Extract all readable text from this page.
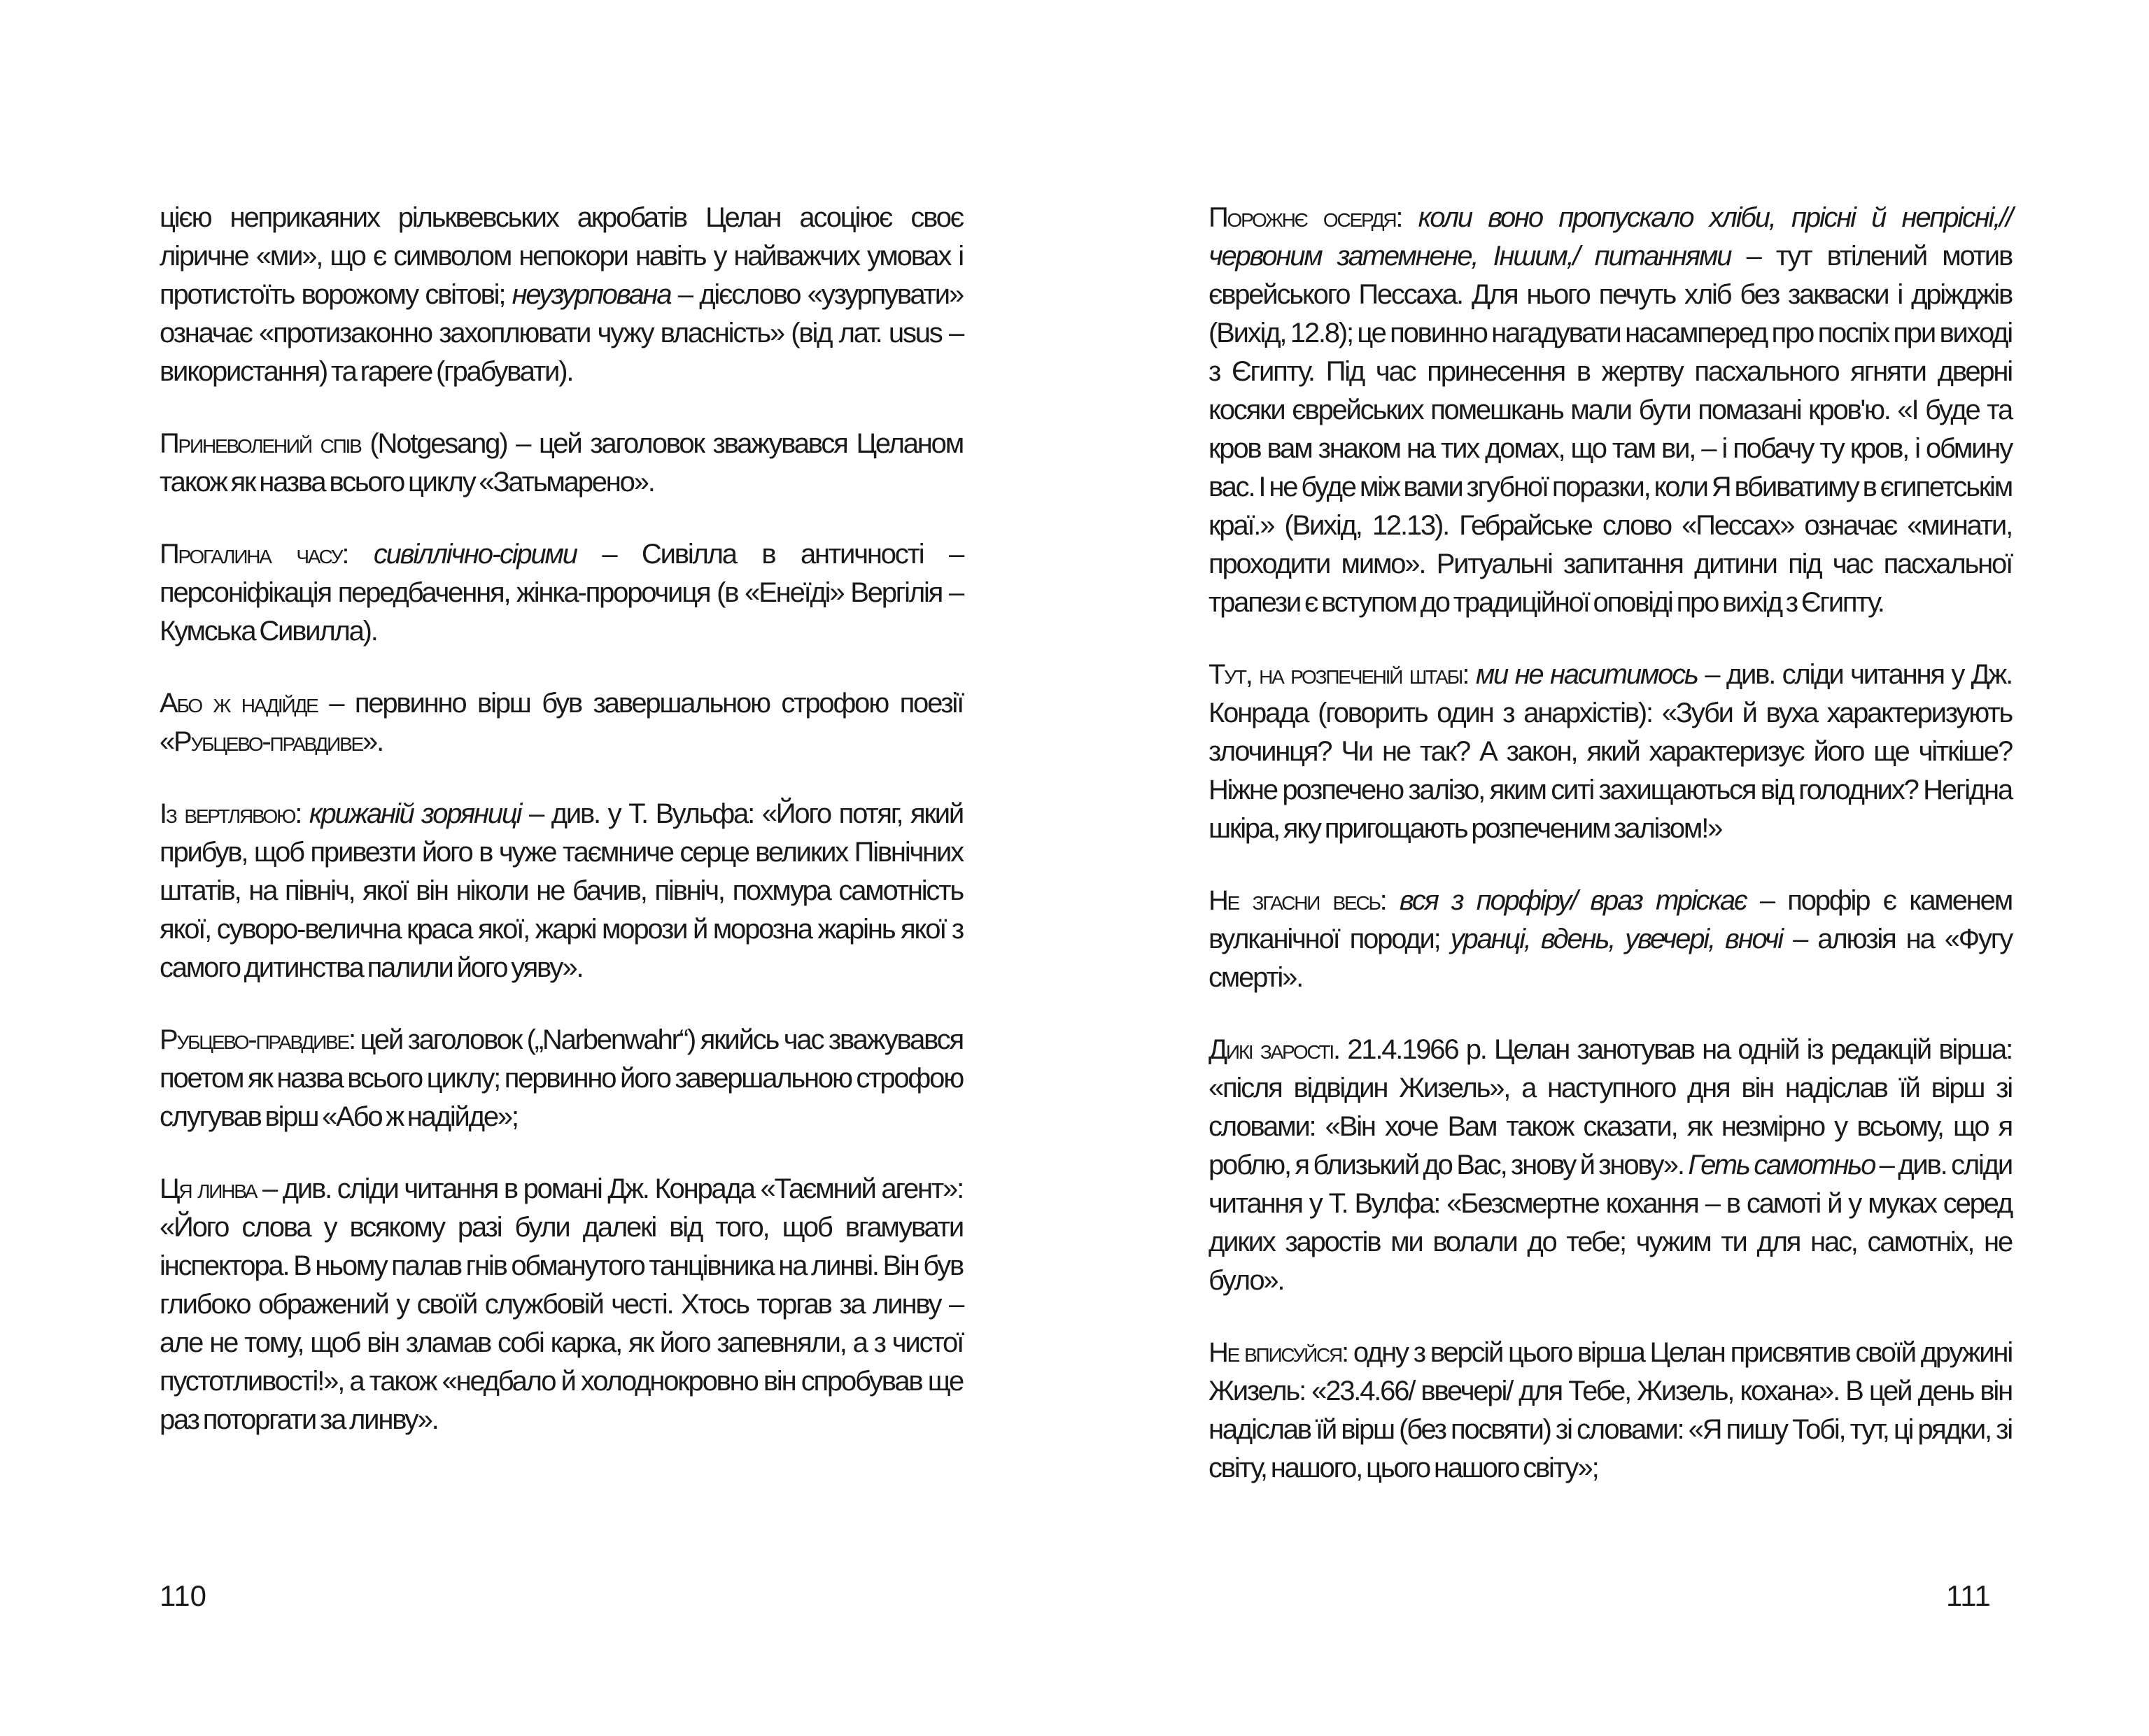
цією неприкаяних рільквевських акробатів Целан асоціює своє ліричне «ми», що є символом непокори навіть у найважчих умовах і протистоїть ворожому світові; неузурпована – дієслово «узурпувати» означає «протизаконно захоплювати чужу власність» (від лат. usus – використання) та rapere (грабувати).

Приневолений спів (Notgesang) – цей заголовок зважувався Целаном також як назва всього циклу «Затьмарено».

Прогалина часу: сивіллічно-сірими – Сивілла в античності – персоніфікація передбачення, жінка-пророчиця (в «Енеїді» Вергілія – Кумська Сивилла).

Або ж надійде – первинно вірш був завершальною строфою поезії «Рубцево-правдиве».

Із вертлявою: крижаній зоряниці – див. у Т. Вульфа: «Його потяг, який прибув, щоб привезти його в чуже таємниче серце великих Північних штатів, на північ, якої він ніколи не бачив, північ, похмура самотність якої, суворо-велична краса якої, жаркі морози й морозна жарінь якої з самого дитинства палили його уяву».

Рубцево-правдиве: цей заголовок („Narbenwahr“) якийсь час зважувався поетом як назва всього циклу; первинно його завершальною строфою слугував вірш «Або ж надійде»;

Ця линва – див. сліди читання в романі Дж. Конрада «Таємний агент»: «Його слова у всякому разі були далекі від того, щоб вгамувати інспектора. В ньому палав гнів обманутого танцівника на линві. Він був глибоко ображений у своїй службовій честі. Хтось торгав за линву – але не тому, щоб він зламав собі карка, як його запевняли, а з чистої пустотливості!», а також «недбало й холоднокровно він спробував ще раз поторгати за линву».

Порожнє осердя: коли воно пропускало хліби, прісні й непрісні,// червоним затемнене, Іншим,/ питаннями – тут втілений мотив єврейського Пессаха. Для нього печуть хліб без закваски і дріжджів (Вихід, 12.8); це повинно нагадувати насамперед про поспіх при виході з Єгипту. Під час принесення в жертву пасхального ягняти дверні косяки єврейських помешкань мали бути помазані кров'ю. «І буде та кров вам знаком на тих домах, що там ви, – і побачу ту кров, і обмину вас. І не буде між вами згубної поразки, коли Я вбиватиму в єгипетськім краї.» (Вихід, 12.13). Гебрайське слово «Пессах» означає «минати, проходити мимо». Ритуальні запитання дитини під час пасхальної трапези є вступом до традиційної оповіді про вихід з Єгипту.

Тут, на розпеченій штабі: ми не наситимось – див. сліди читання у Дж. Конрада (говорить один з анархістів): «Зуби й вуха характеризують злочинця? Чи не так? А закон, який характеризує його ще чіткіше? Ніжне розпечено залізо, яким ситі захищаються від голодних? Негідна шкіра, яку пригощають розпеченим залізом!»

Не згасни весь: вся з порфіру/ враз тріскає – порфір є каменем вулканічної породи; уранці, вдень, увечері, вночі – алюзія на «Фугу смерті».

Дикі зарості. 21.4.1966 р. Целан занотував на одній із редакцій вірша: «після відвідин Жизель», а наступного дня він надіслав їй вірш зі словами: «Він хоче Вам також сказати, як незмірно у всьому, що я роблю, я близький до Вас, знову й знову». Геть самотньо – див. сліди читання у Т. Вулфа: «Безсмертне кохання – в самоті й у муках серед диких заростів ми волали до тебе; чужим ти для нас, самотніх, не було».

Не вписуйся: одну з версій цього вірша Целан присвятив своїй дружині Жизель: «23.4.66/ ввечері/ для Тебе, Жизель, кохана». В цей день він надіслав їй вірш (без посвяти) зі словами: «Я пишу Тобі, тут, ці рядки, зі світу, нашого, цього нашого світу»;

110	111
